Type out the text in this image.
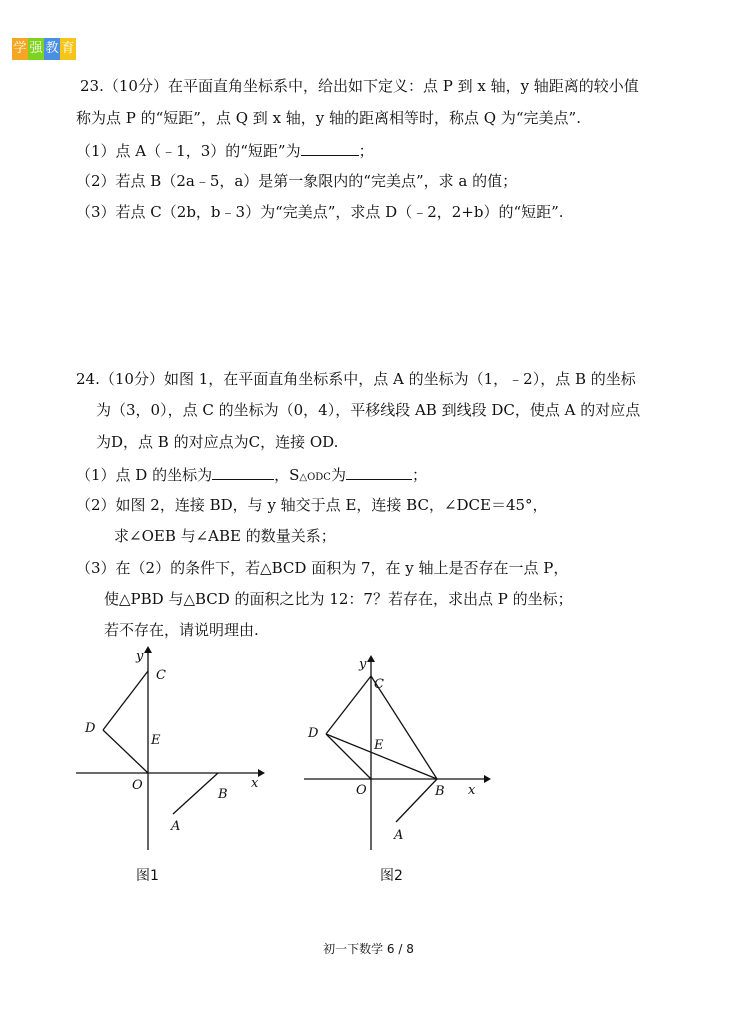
学 强 教 育
23.（10分）在平面直角坐标系中，给出如下定义：点 P 到 x 轴，y 轴距离的较小值
称为点 P 的“短距”，点 Q 到 x 轴，y 轴的距离相等时，称点 Q 为“完美点”.
（1）点 A（﹣1，3）的“短距”为	；
（2）若点 B（2a﹣5，a）是第一象限内的“完美点”，求 a 的值；
（3）若点 C（2b，b﹣3）为“完美点”，求点 D（﹣2，2+b）的“短距”.
24.（10分）如图 1，在平面直角坐标系中，点 A 的坐标为（1，﹣2），点 B 的坐标
为（3，0），点 C 的坐标为（0，4），平移线段 AB 到线段 DC，使点 A 的对应点
为D，点 B 的对应点为C，连接 OD.
（1）点 D 的坐标为	，S△ODC为	；
（2）如图 2，连接 BD，与 y 轴交于点 E，连接 BC，∠DCE＝45°，
求∠OEB 与∠ABE 的数量关系；
（3）在（2）的条件下，若△BCD 面积为 7，在 y 轴上是否存在一点 P，
使△PBD 与△BCD 的面积之比为 12：7？若存在，求出点 P 的坐标；
若不存在，请说明理由.
y
C
D
E
O	x
B
A
图1
y
C
D
E
O	B x
A
图2
初一下数学 6 / 8
